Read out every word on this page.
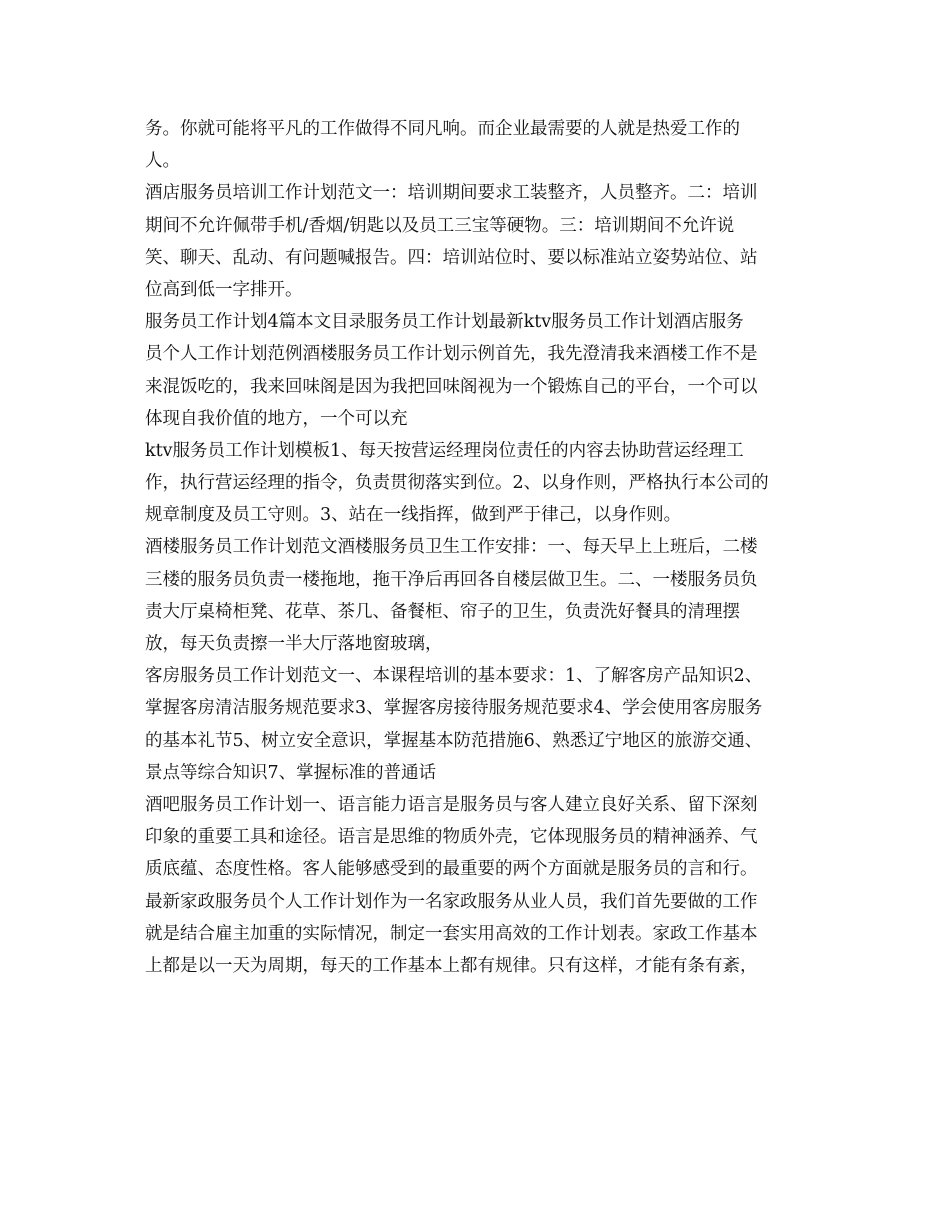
务。你就可能将平凡的工作做得不同凡响。而企业最需要的人就是热爱工作的
人。
酒店服务员培训工作计划范文一：培训期间要求工装整齐，人员整齐。二：培训
期间不允许佩带手机/香烟/钥匙以及员工三宝等硬物。三：培训期间不允许说
笑、聊天、乱动、有问题喊报告。四：培训站位时、要以标准站立姿势站位、站
位高到低一字排开。
服务员工作计划4篇本文目录服务员工作计划最新ktv服务员工作计划酒店服务
员个人工作计划范例酒楼服务员工作计划示例首先，我先澄清我来酒楼工作不是
来混饭吃的，我来回味阁是因为我把回味阁视为一个锻炼自己的平台，一个可以
体现自我价值的地方，一个可以充
ktv服务员工作计划模板1、每天按营运经理岗位责任的内容去协助营运经理工
作，执行营运经理的指令，负责贯彻落实到位。2、以身作则，严格执行本公司的
规章制度及员工守则。3、站在一线指挥，做到严于律己，以身作则。
酒楼服务员工作计划范文酒楼服务员卫生工作安排：一、每天早上上班后，二楼
三楼的服务员负责一楼拖地，拖干净后再回各自楼层做卫生。二、一楼服务员负
责大厅桌椅柜凳、花草、茶几、备餐柜、帘子的卫生，负责洗好餐具的清理摆
放，每天负责擦一半大厅落地窗玻璃，
客房服务员工作计划范文一、本课程培训的基本要求：1、了解客房产品知识2、
掌握客房清洁服务规范要求3、掌握客房接待服务规范要求4、学会使用客房服务
的基本礼节5、树立安全意识，掌握基本防范措施6、熟悉辽宁地区的旅游交通、
景点等综合知识7、掌握标准的普通话
酒吧服务员工作计划一、语言能力语言是服务员与客人建立良好关系、留下深刻
印象的重要工具和途径。语言是思维的物质外壳，它体现服务员的精神涵养、气
质底蕴、态度性格。客人能够感受到的最重要的两个方面就是服务员的言和行。
最新家政服务员个人工作计划作为一名家政服务从业人员，我们首先要做的工作
就是结合雇主加重的实际情况，制定一套实用高效的工作计划表。家政工作基本
上都是以一天为周期，每天的工作基本上都有规律。只有这样，才能有条有紊，
